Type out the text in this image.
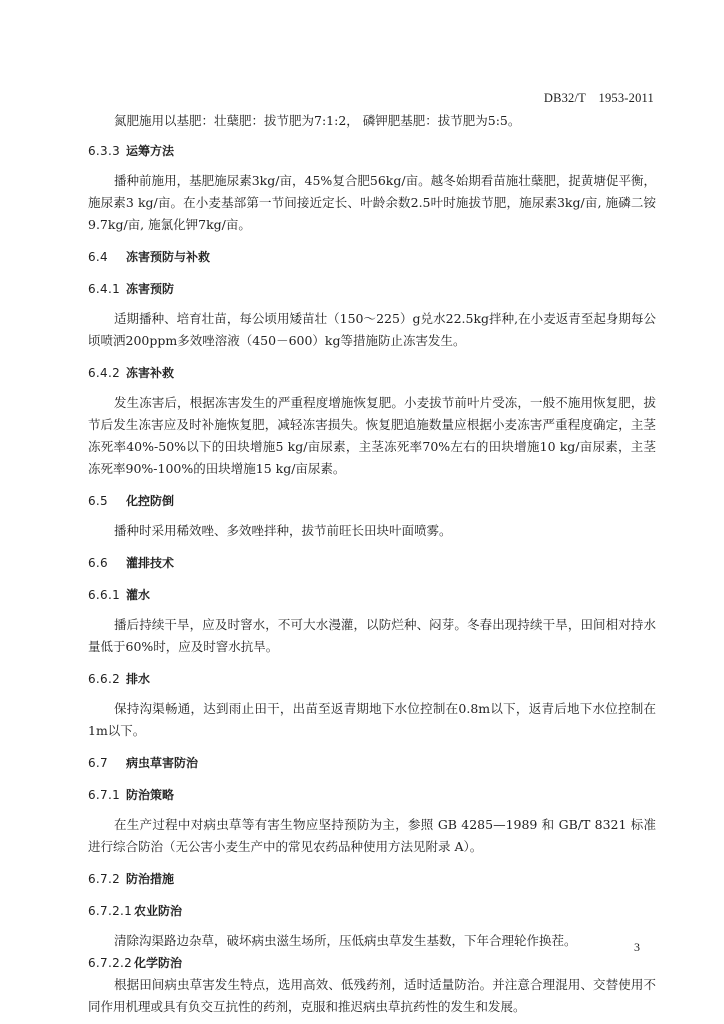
DB32/T　1953-2011

氮肥施用以基肥：壮蘖肥：拔节肥为7:1:2， 磷钾肥基肥：拔节肥为5:5。

6.3.3 运筹方法

播种前施用，基肥施尿素3kg/亩，45%复合肥56kg/亩。越冬始期看苗施壮蘖肥，捉黄塘促平衡，施尿素3 kg/亩。在小麦基部第一节间接近定长、叶龄余数2.5叶时施拔节肥，施尿素3kg/亩, 施磷二铵9.7kg/亩, 施氯化钾7kg/亩。

6.4 冻害预防与补救
6.4.1 冻害预防

适期播种、培育壮苗，每公顷用矮苗壮（150～225）g兑水22.5kg拌种,在小麦返青至起身期每公顷喷洒200ppm多效唑溶液（450－600）kg等措施防止冻害发生。

6.4.2 冻害补救

发生冻害后，根据冻害发生的严重程度增施恢复肥。小麦拔节前叶片受冻，一般不施用恢复肥，拔节后发生冻害应及时补施恢复肥，减轻冻害损失。恢复肥追施数量应根据小麦冻害严重程度确定，主茎冻死率40%-50%以下的田块增施5 kg/亩尿素，主茎冻死率70%左右的田块增施10 kg/亩尿素，主茎冻死率90%-100%的田块增施15 kg/亩尿素。

6.5 化控防倒

播种时采用稀效唑、多效唑拌种，拔节前旺长田块叶面喷雾。

6.6 灌排技术
6.6.1 灌水

播后持续干旱，应及时窨水，不可大水漫灌，以防烂种、闷芽。冬春出现持续干旱，田间相对持水量低于60%时，应及时窨水抗旱。

6.6.2 排水

保持沟渠畅通，达到雨止田干，出苗至返青期地下水位控制在0.8m以下，返青后地下水位控制在1m以下。

6.7 病虫草害防治
6.7.1 防治策略

在生产过程中对病虫草等有害生物应坚持预防为主，参照 GB 4285—1989 和 GB/T 8321 标准进行综合防治（无公害小麦生产中的常见农药品种使用方法见附录 A）。

6.7.2 防治措施
6.7.2.1 农业防治

清除沟渠路边杂草，破坏病虫滋生场所，压低病虫草发生基数，下年合理轮作换茬。

6.7.2.2 化学防治

根据田间病虫草害发生特点，选用高效、低残药剂，适时适量防治。并注意合理混用、交替使用不同作用机理或具有负交互抗性的药剂，克服和推迟病虫草抗药性的发生和发展。

3
